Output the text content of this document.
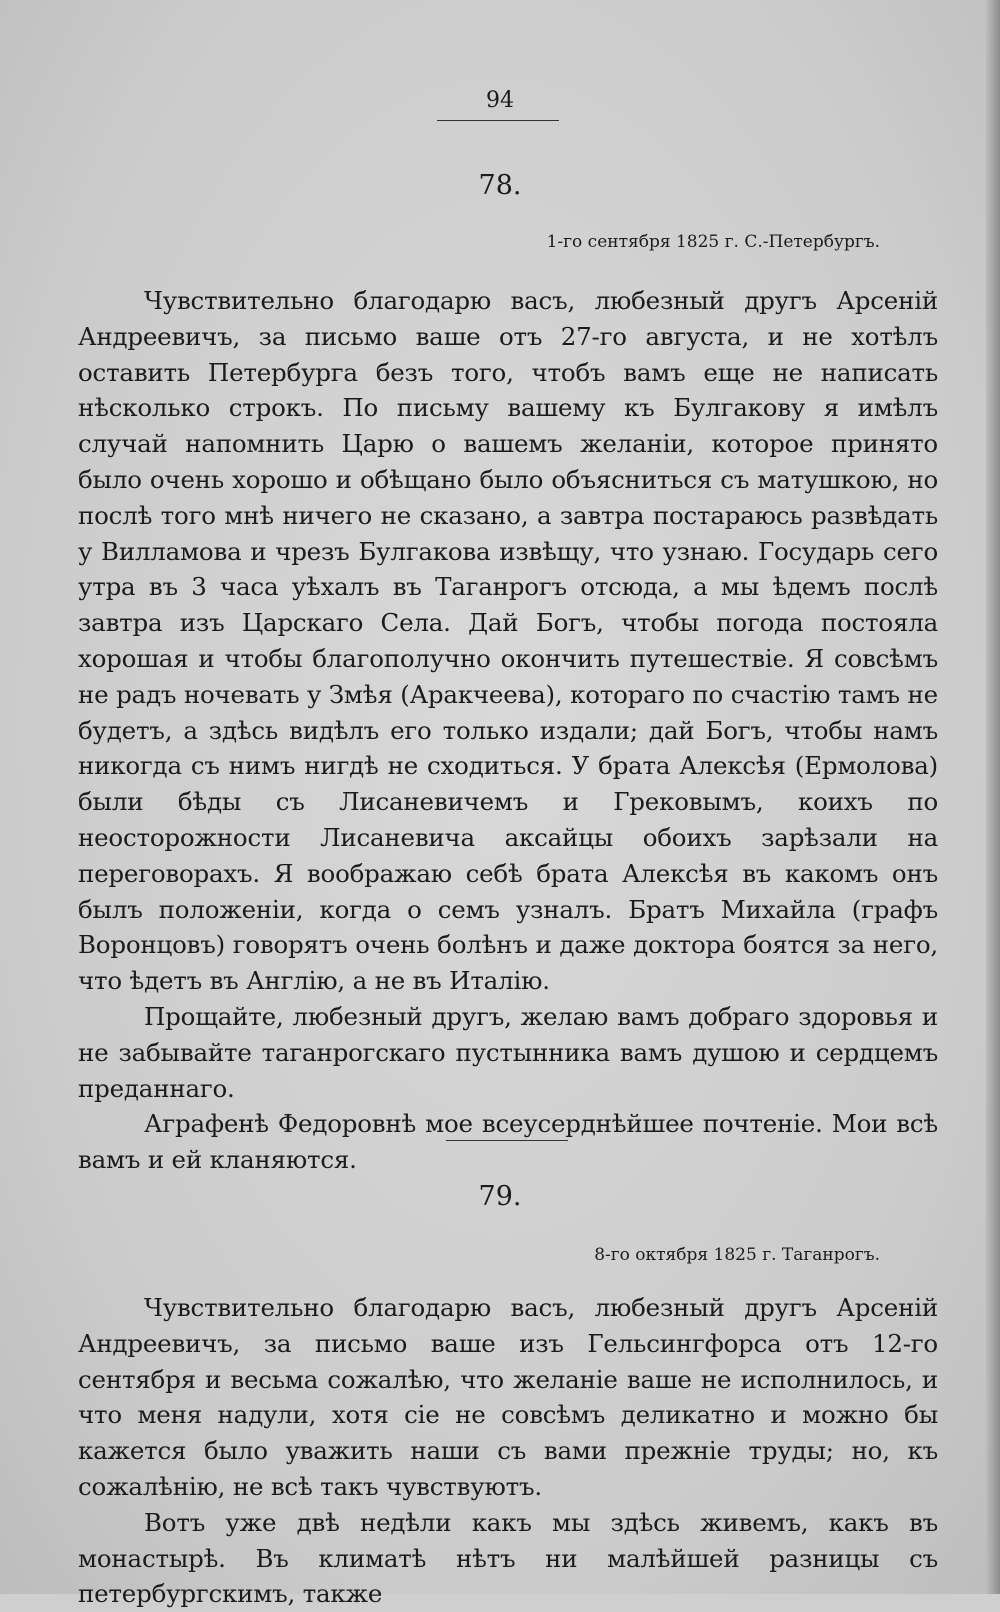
94
78.
1-го сентября 1825 г. С.-Петербургъ.

Чувствительно благодарю васъ, любезный другъ Арсеній Андреевичъ, за письмо ваше отъ 27-го августа, и не хотѣлъ оставить Петербурга безъ того, чтобъ вамъ еще не написать нѣсколько строкъ. По письму вашему къ Булгакову я имѣлъ случай напомнить Царю о вашемъ желаніи, которое принято было очень хорошо и обѣщано было объясниться съ матушкою, но послѣ того мнѣ ничего не сказано, а завтра постараюсь развѣдать у Вилламова и чрезъ Булгакова извѣщу, что узнаю. Государь сего утра въ 3 часа уѣхалъ въ Таганрогъ отсюда, а мы ѣдемъ послѣ завтра изъ Царскаго Села. Дай Богъ, чтобы погода постояла хорошая и чтобы благополучно окончить путешествіе. Я совсѣмъ не радъ ночевать у Змѣя (Аракчеева), котораго по счастію тамъ не будетъ, а здѣсь видѣлъ его только издали; дай Богъ, чтобы намъ никогда съ нимъ нигдѣ не сходиться. У брата Алексѣя (Ермолова) были бѣды съ Лисаневичемъ и Грековымъ, коихъ по неосторожности Лисаневича аксайцы обоихъ зарѣзали на переговорахъ. Я воображаю себѣ брата Алексѣя въ какомъ онъ былъ положеніи, когда о семъ узналъ. Братъ Михайла (графъ Воронцовъ) говорятъ очень болѣнъ и даже доктора боятся за него, что ѣдетъ въ Англію, а не въ Италію.

Прощайте, любезный другъ, желаю вамъ добраго здоровья и не забывайте таганрогскаго пустынника вамъ душою и сердцемъ преданнаго.

Аграфенѣ Федоровнѣ мое всеусерднѣйшее почтеніе. Мои всѣ вамъ и ей кланяются.

79.
8-го октября 1825 г. Таганрогъ.

Чувствительно благодарю васъ, любезный другъ Арсеній Андреевичъ, за письмо ваше изъ Гельсингфорса отъ 12-го сентября и весьма сожалѣю, что желаніе ваше не исполнилось, и что меня надули, хотя сіе не совсѣмъ деликатно и можно бы кажется было уважить наши съ вами прежніе труды; но, къ сожалѣнію, не всѣ такъ чувствуютъ.

Вотъ уже двѣ недѣли какъ мы здѣсь живемъ, какъ въ монастырѣ. Въ климатѣ нѣтъ ни малѣйшей разницы съ петербургскимъ, также
